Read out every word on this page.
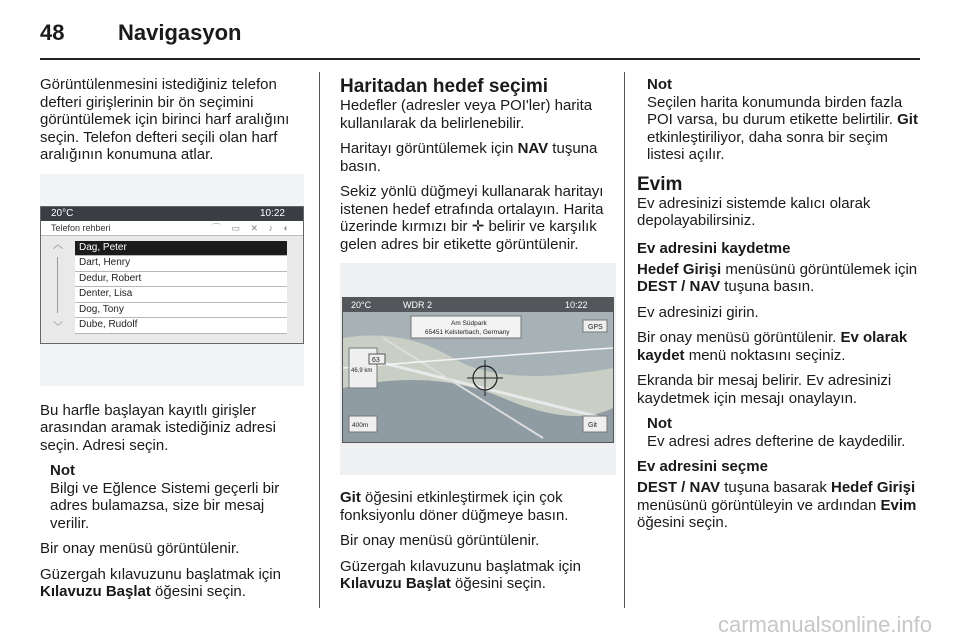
48 Navigasyon

Görüntülenmesini istediğiniz telefon defteri girişlerinin bir ön seçimini görüntülemek için birinci harf aralığını seçin. Telefon defteri seçili olan harf aralığının konumuna atlar.

20°C	10:22
Telefon rehberi	⌒ ▭ ✕ ♪ ◐
︿
﹀
Dag, Peter
Dart, Henry
Dedur, Robert
Denter, Lisa
Dog, Tony
Dube, Rudolf

Bu harfle başlayan kayıtlı girişler arasından aramak istediğiniz adresi seçin. Adresi seçin.

Not
Bilgi ve Eğlence Sistemi geçerli bir adres bulamazsa, size bir mesaj verilir.

Bir onay menüsü görüntülenir.

Güzergah kılavuzunu başlatmak için Kılavuzu Başlat öğesini seçin.

Haritadan hedef seçimi

Hedefler (adresler veya POI'ler) harita kullanılarak da belirlenebilir.

Haritayı görüntülemek için NAV tuşuna basın.

Sekiz yönlü düğmeyi kullanarak haritayı istenen hedef etrafında ortalayın. Harita üzerinde kırmızı bir ✛ belirir ve karşılık gelen adres bir etikette görüntülenir.

20°C	WDR 2	10:22
Am Südpark
65451 Kelsterbach, Germany
GPS
46,9 km
63
400m	Git

Git öğesini etkinleştirmek için çok fonksiyonlu döner düğmeye basın.

Bir onay menüsü görüntülenir.

Güzergah kılavuzunu başlatmak için Kılavuzu Başlat öğesini seçin.

Not
Seçilen harita konumunda birden fazla POI varsa, bu durum etikette belirtilir. Git etkinleştiriliyor, daha sonra bir seçim listesi açılır.
Evim

Ev adresinizi sistemde kalıcı olarak depolayabilirsiniz.

Ev adresini kaydetme

Hedef Girişi menüsünü görüntülemek için DEST / NAV tuşuna basın.

Ev adresinizi girin.

Bir onay menüsü görüntülenir. Ev olarak kaydet menü noktasını seçiniz.

Ekranda bir mesaj belirir. Ev adresinizi kaydetmek için mesajı onaylayın.

Not
Ev adresi adres defterine de kaydedilir.
Ev adresini seçme

DEST / NAV tuşuna basarak Hedef Girişi menüsünü görüntüleyin ve ardından Evim öğesini seçin.

carmanualsonline.info
